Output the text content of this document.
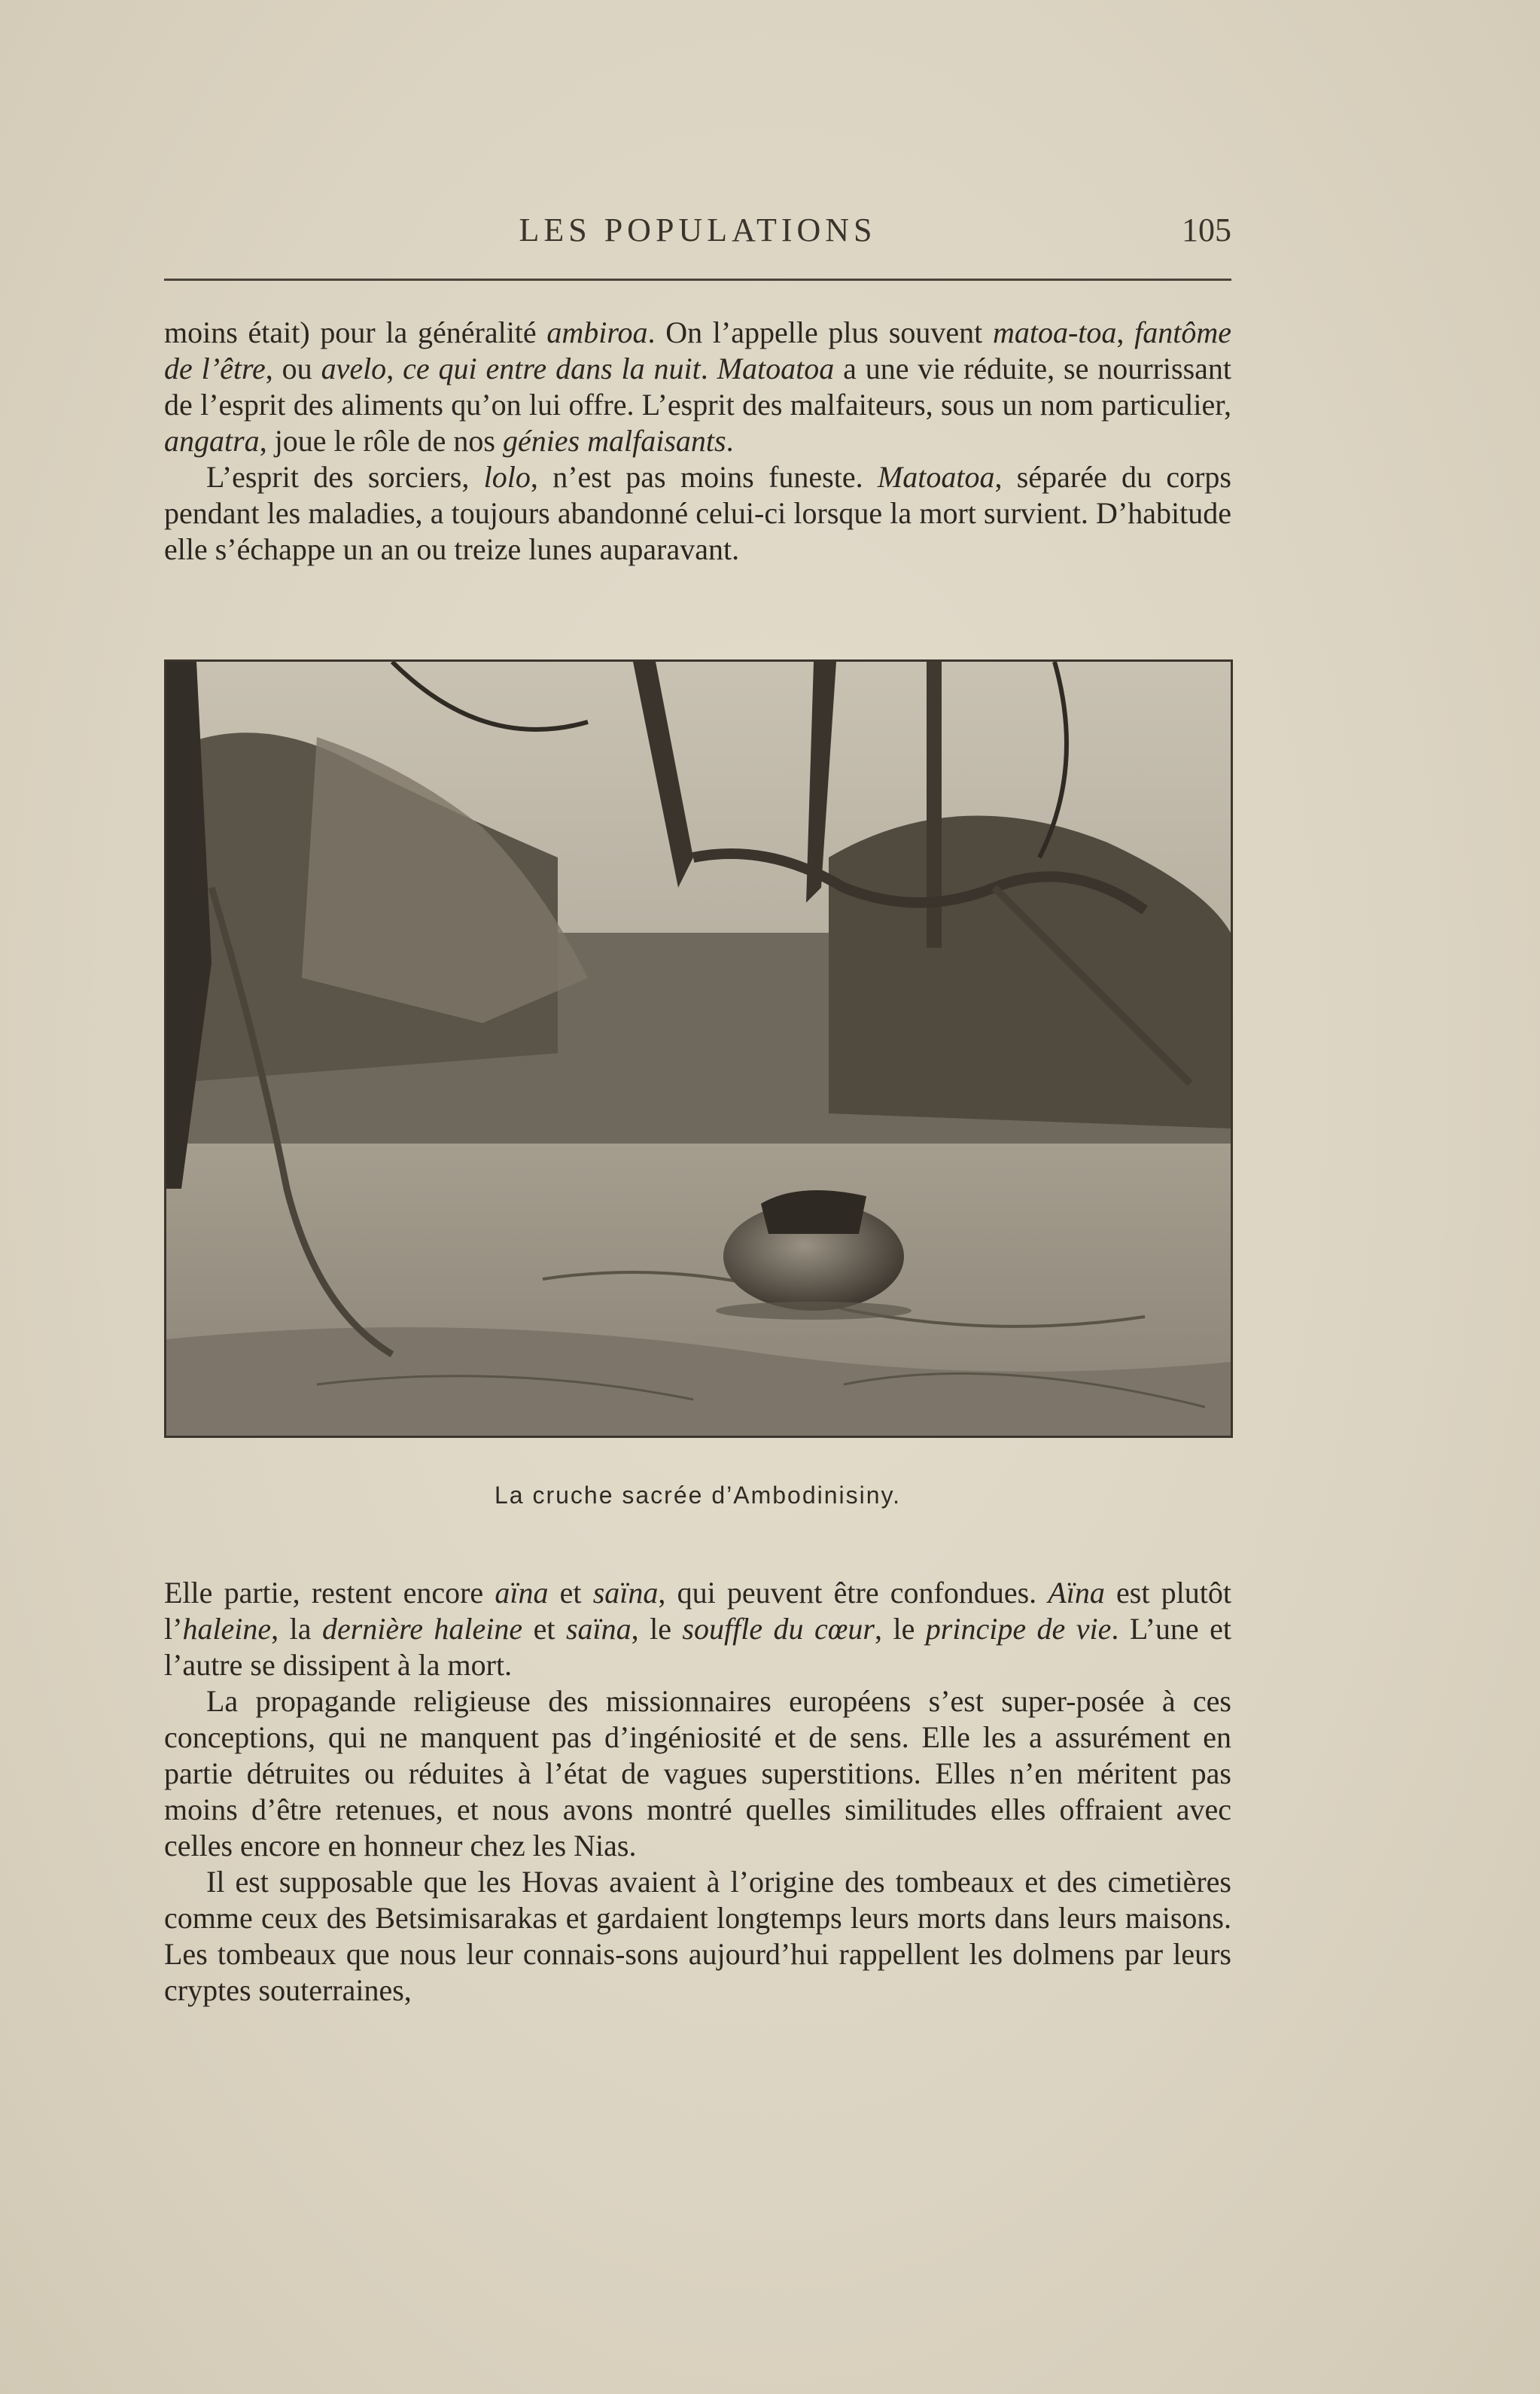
LES POPULATIONS	105

moins était) pour la généralité ambiroa. On l’appelle plus souvent matoa-toa, fantôme de l’être, ou avelo, ce qui entre dans la nuit. Matoatoa a une vie réduite, se nourrissant de l’esprit des aliments qu’on lui offre. L’esprit des malfaiteurs, sous un nom particulier, angatra, joue le rôle de nos génies malfaisants.

L’esprit des sorciers, lolo, n’est pas moins funeste. Matoatoa, séparée du corps pendant les maladies, a toujours abandonné celui-ci lorsque la mort survient. D’habitude elle s’échappe un an ou treize lunes auparavant.

La cruche sacrée d’Ambodinisiny.

Elle partie, restent encore aïna et saïna, qui peuvent être confondues. Aïna est plutôt l’haleine, la dernière haleine et saïna, le souffle du cœur, le principe de vie. L’une et l’autre se dissipent à la mort.

La propagande religieuse des missionnaires européens s’est super-posée à ces conceptions, qui ne manquent pas d’ingéniosité et de sens. Elle les a assurément en partie détruites ou réduites à l’état de vagues superstitions. Elles n’en méritent pas moins d’être retenues, et nous avons montré quelles similitudes elles offraient avec celles encore en honneur chez les Nias.

Il est supposable que les Hovas avaient à l’origine des tombeaux et des cimetières comme ceux des Betsimisarakas et gardaient longtemps leurs morts dans leurs maisons. Les tombeaux que nous leur connais-sons aujourd’hui rappellent les dolmens par leurs cryptes souterraines,
